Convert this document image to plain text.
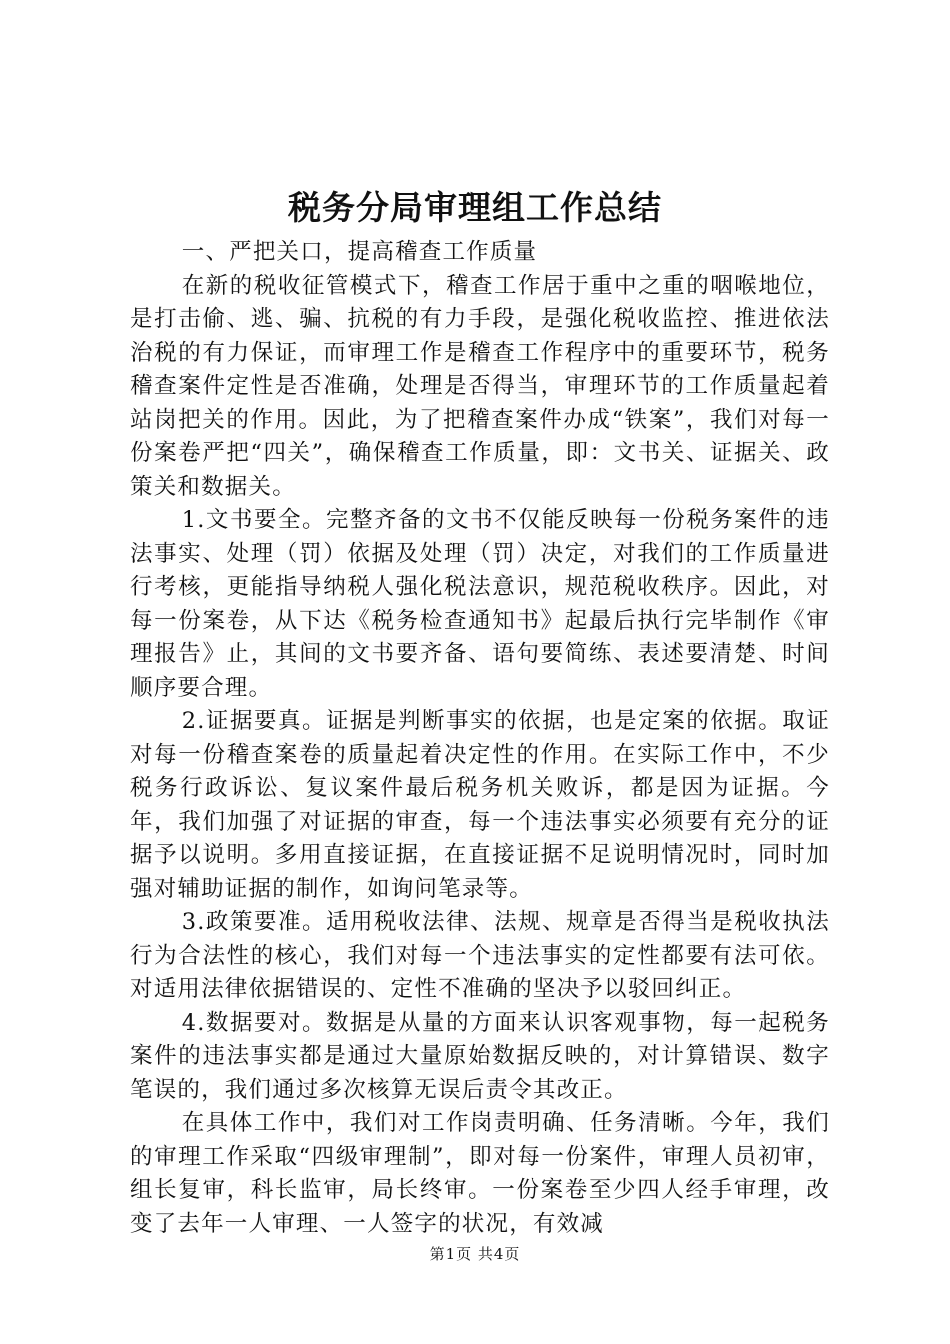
税务分局审理组工作总结

一、严把关口，提高稽查工作质量

在新的税收征管模式下，稽查工作居于重中之重的咽喉地位，是打击偷、逃、骗、抗税的有力手段，是强化税收监控、推进依法治税的有力保证，而审理工作是稽查工作程序中的重要环节，税务稽查案件定性是否准确，处理是否得当，审理环节的工作质量起着站岗把关的作用。因此，为了把稽查案件办成“铁案”，我们对每一份案卷严把“四关”，确保稽查工作质量，即：文书关、证据关、政策关和数据关。

1.文书要全。完整齐备的文书不仅能反映每一份税务案件的违法事实、处理（罚）依据及处理（罚）决定，对我们的工作质量进行考核，更能指导纳税人强化税法意识，规范税收秩序。因此，对每一份案卷，从下达《税务检查通知书》起最后执行完毕制作《审理报告》止，其间的文书要齐备、语句要简练、表述要清楚、时间顺序要合理。

2.证据要真。证据是判断事实的依据，也是定案的依据。取证对每一份稽查案卷的质量起着决定性的作用。在实际工作中，不少税务行政诉讼、复议案件最后税务机关败诉，都是因为证据。今年，我们加强了对证据的审查，每一个违法事实必须要有充分的证据予以说明。多用直接证据，在直接证据不足说明情况时，同时加强对辅助证据的制作，如询问笔录等。

3.政策要准。适用税收法律、法规、规章是否得当是税收执法行为合法性的核心，我们对每一个违法事实的定性都要有法可依。对适用法律依据错误的、定性不准确的坚决予以驳回纠正。

4.数据要对。数据是从量的方面来认识客观事物，每一起税务案件的违法事实都是通过大量原始数据反映的，对计算错误、数字笔误的，我们通过多次核算无误后责令其改正。

在具体工作中，我们对工作岗责明确、任务清晰。今年，我们的审理工作采取“四级审理制”，即对每一份案件，审理人员初审，组长复审，科长监审，局长终审。一份案卷至少四人经手审理，改变了去年一人审理、一人签字的状况，有效减

第1页 共4页
